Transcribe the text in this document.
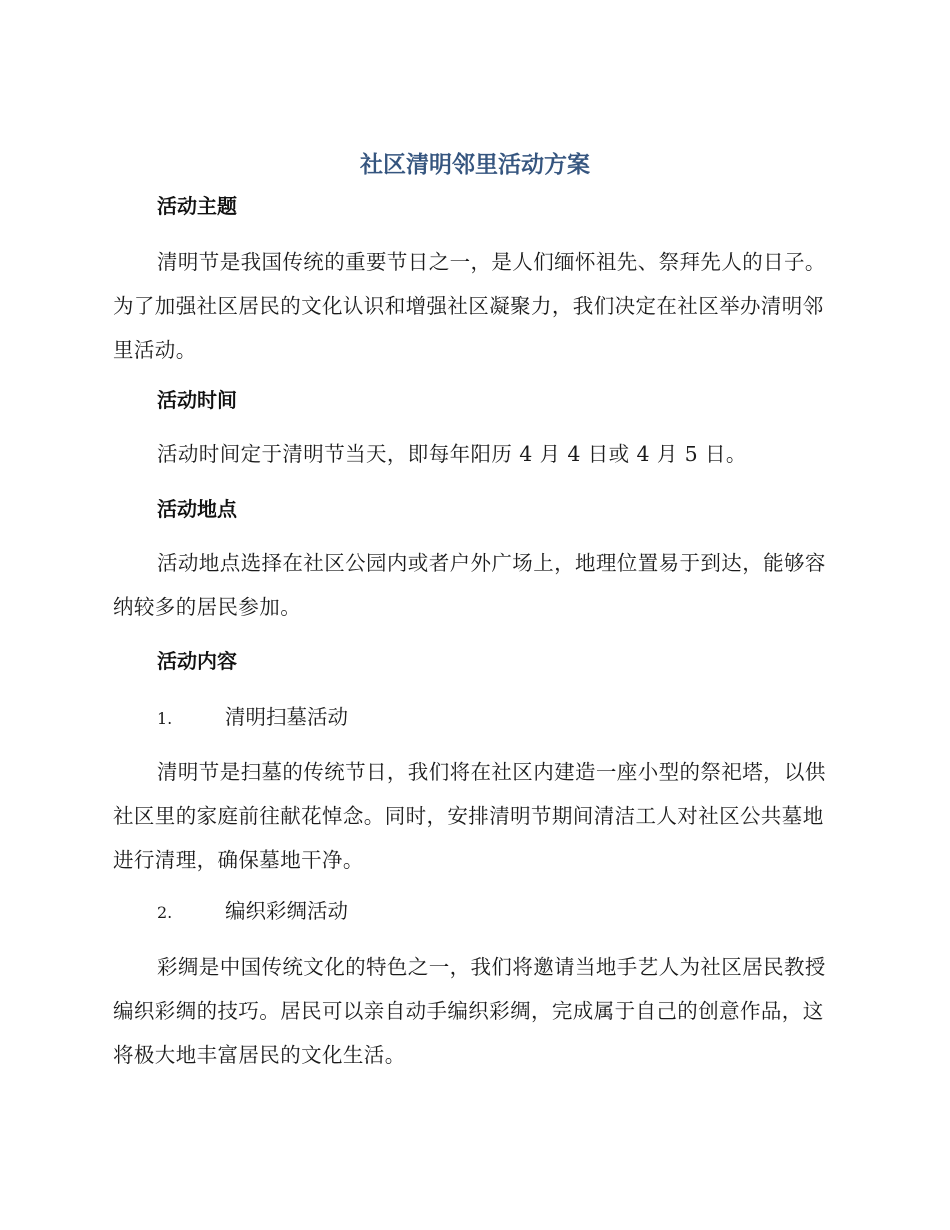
社区清明邻里活动方案
活动主题
清明节是我国传统的重要节日之一，是人们缅怀祖先、祭拜先人的日子。为了加强社区居民的文化认识和增强社区凝聚力，我们决定在社区举办清明邻里活动。
活动时间
活动时间定于清明节当天，即每年阳历 4 月 4 日或 4 月 5 日。
活动地点
活动地点选择在社区公园内或者户外广场上，地理位置易于到达，能够容纳较多的居民参加。
活动内容
1.	清明扫墓活动
清明节是扫墓的传统节日，我们将在社区内建造一座小型的祭祀塔，以供社区里的家庭前往献花悼念。同时，安排清明节期间清洁工人对社区公共墓地进行清理，确保墓地干净。
2.	编织彩绸活动
彩绸是中国传统文化的特色之一，我们将邀请当地手艺人为社区居民教授编织彩绸的技巧。居民可以亲自动手编织彩绸，完成属于自己的创意作品，这将极大地丰富居民的文化生活。
